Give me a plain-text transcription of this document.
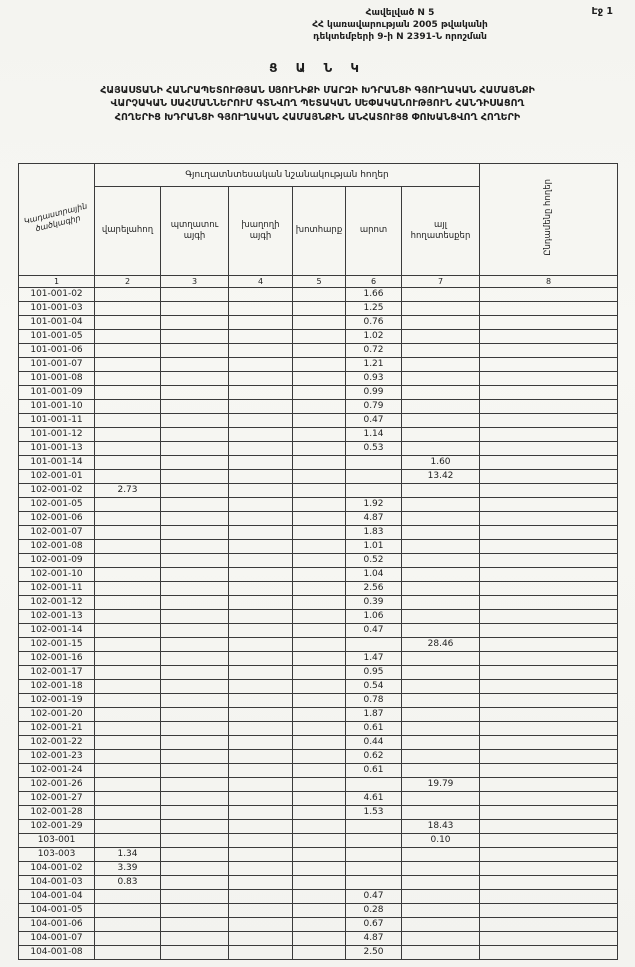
Էջ 1
Հավելված N 5
ՀՀ կառավարության 2005 թվականի
դեկտեմբերի 9-ի N 2391-Ն որոշման
Ց Ա Ն Կ
ՀԱՅԱՍՏԱՆԻ ՀԱՆՐԱՊԵՏՈՒԹՅԱՆ ՍՅՈՒՆԻՔԻ ՄԱՐԶԻ ԽԴՐԱՆՑԻ ԳՅՈՒՂԱԿԱՆ ՀԱՄԱՅՆՔԻ
ՎԱՐՉԱԿԱՆ ՍԱՀՄԱՆՆԵՐՈՒՄ ԳՏՆՎՈՂ ՊԵՏԱԿԱՆ ՍԵՓԱԿԱՆՈՒԹՅՈՒՆ ՀԱՆԴԻՍԱՑՈՂ
ՀՈՂԵՐԻՑ ԽԴՐԱՆՑԻ ԳՅՈՒՂԱԿԱՆ ՀԱՄԱՅՆՔԻՆ ԱՆՀԱՏՈՒՅՑ ՓՈԽԱՆՑՎՈՂ ՀՈՂԵՐԻ
Կադաստրային ծածկագիր	Գյուղատնտեսական նշանակության հողեր						Ընդամենը հողեր
	վարելահող	պտղատու այգի	խաղողի այգի	խոտհարք	արոտ	այլ հողատեսքեր	
1	2	3	4	5	6	7	8
101-001-02					1.66		
101-001-03					1.25		
101-001-04					0.76		
101-001-05					1.02		
101-001-06					0.72		
101-001-07					1.21		
101-001-08					0.93		
101-001-09					0.99		
101-001-10					0.79		
101-001-11					0.47		
101-001-12					1.14		
101-001-13					0.53		
101-001-14						1.60	
102-001-01						13.42	
102-001-02	2.73						
102-001-05					1.92		
102-001-06					4.87		
102-001-07					1.83		
102-001-08					1.01		
102-001-09					0.52		
102-001-10					1.04		
102-001-11					2.56		
102-001-12					0.39		
102-001-13					1.06		
102-001-14					0.47		
102-001-15						28.46	
102-001-16					1.47		
102-001-17					0.95		
102-001-18					0.54		
102-001-19					0.78		
102-001-20					1.87		
102-001-21					0.61		
102-001-22					0.44		
102-001-23					0.62		
102-001-24					0.61		
102-001-26						19.79	
102-001-27					4.61		
102-001-28					1.53		
102-001-29						18.43	
103-001						0.10	
103-003	1.34						
104-001-02	3.39						
104-001-03	0.83						
104-001-04					0.47		
104-001-05					0.28		
104-001-06					0.67		
104-001-07					4.87		
104-001-08					2.50		
